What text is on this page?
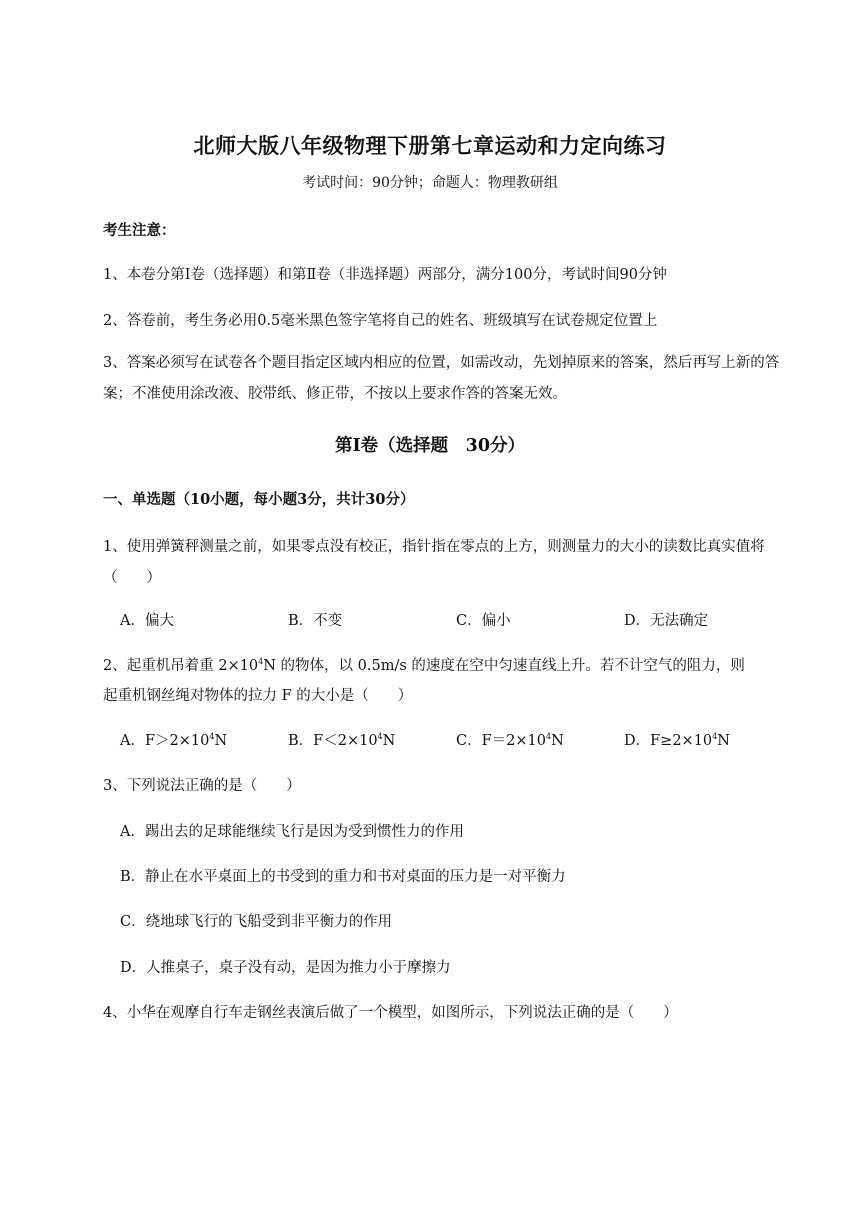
北师大版八年级物理下册第七章运动和力定向练习
考试时间：90分钟；命题人：物理教研组
考生注意：
1、本卷分第Ⅰ卷（选择题）和第Ⅱ卷（非选择题）两部分，满分100分，考试时间90分钟
2、答卷前，考生务必用0.5毫米黑色签字笔将自己的姓名、班级填写在试卷规定位置上
3、答案必须写在试卷各个题目指定区域内相应的位置，如需改动，先划掉原来的答案，然后再写上新的答案；不准使用涂改液、胶带纸、修正带，不按以上要求作答的答案无效。
第Ⅰ卷（选择题　30分）
一、单选题（10小题，每小题3分，共计30分）
1、使用弹簧秤测量之前，如果零点没有校正，指针指在零点的上方，则测量力的大小的读数比真实值将（　　）
A．偏大	B．不变	C．偏小	D．无法确定
2、起重机吊着重 $2\times 10^4N$ 的物体，以 0.5m/s 的速度在空中匀速直线上升。若不计空气的阻力，则
起重机钢丝绳对物体的拉力 F 的大小是（　　）
A．$F>2\times 10^4N$	B．$F<2\times 10^4N$	C．$F=2\times 10^4N$	D．$F\ge 2\times 10^4N$
3、下列说法正确的是（　　）
A．踢出去的足球能继续飞行是因为受到惯性力的作用
B．静止在水平桌面上的书受到的重力和书对桌面的压力是一对平衡力
C．绕地球飞行的飞船受到非平衡力的作用
D．人推桌子，桌子没有动，是因为推力小于摩擦力
4、小华在观摩自行车走钢丝表演后做了一个模型，如图所示，下列说法正确的是（　　）
